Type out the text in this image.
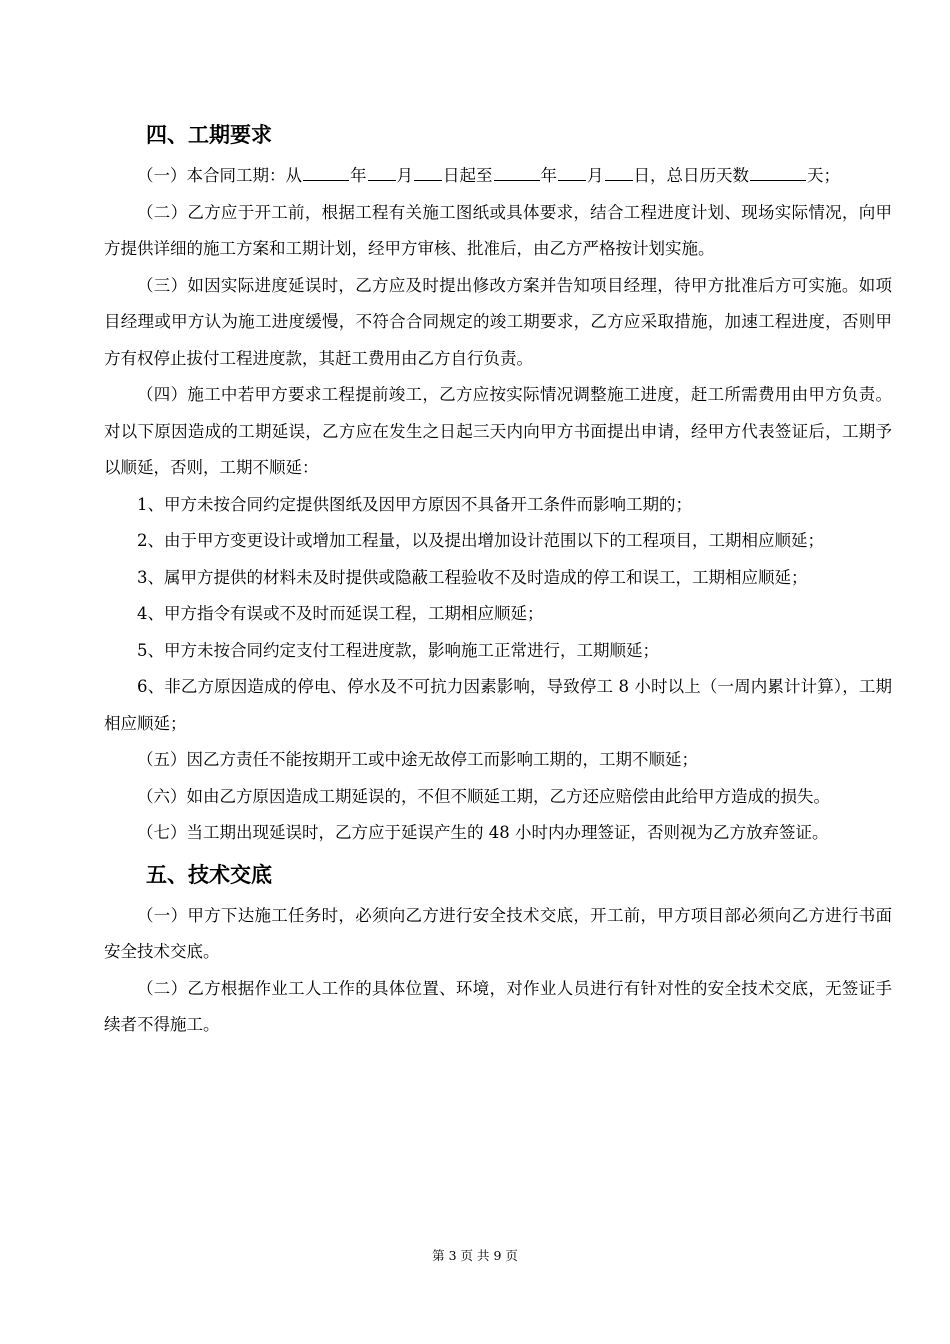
四、工期要求
（一）本合同工期：从	年 月 日起至	年 月 日，总日历天数	天；

（二）乙方应于开工前，根据工程有关施工图纸或具体要求，结合工程进度计划、现场实际情况，向甲方提供详细的施工方案和工期计划，经甲方审核、批准后，由乙方严格按计划实施。

（三）如因实际进度延误时，乙方应及时提出修改方案并告知项目经理，待甲方批准后方可实施。如项目经理或甲方认为施工进度缓慢，不符合合同规定的竣工期要求，乙方应采取措施，加速工程进度，否则甲方有权停止拔付工程进度款，其赶工费用由乙方自行负责。

（四）施工中若甲方要求工程提前竣工，乙方应按实际情况调整施工进度，赶工所需费用由甲方负责。对以下原因造成的工期延误，乙方应在发生之日起三天内向甲方书面提出申请，经甲方代表签证后，工期予以顺延，否则，工期不顺延：

1、甲方未按合同约定提供图纸及因甲方原因不具备开工条件而影响工期的；

2、由于甲方变更设计或增加工程量，以及提出增加设计范围以下的工程项目，工期相应顺延；

3、属甲方提供的材料未及时提供或隐蔽工程验收不及时造成的停工和误工，工期相应顺延；

4、甲方指令有误或不及时而延误工程，工期相应顺延；

5、甲方未按合同约定支付工程进度款，影响施工正常进行，工期顺延；

6、非乙方原因造成的停电、停水及不可抗力因素影响，导致停工 8 小时以上（一周内累计计算），工期相应顺延；

（五）因乙方责任不能按期开工或中途无故停工而影响工期的，工期不顺延；

（六）如由乙方原因造成工期延误的，不但不顺延工期，乙方还应赔偿由此给甲方造成的损失。

（七）当工期出现延误时，乙方应于延误产生的 48 小时内办理签证，否则视为乙方放弃签证。

五、技术交底

（一）甲方下达施工任务时，必须向乙方进行安全技术交底，开工前，甲方项目部必须向乙方进行书面安全技术交底。

（二）乙方根据作业工人工作的具体位置、环境，对作业人员进行有针对性的安全技术交底，无签证手续者不得施工。

第 3 页 共 9 页
